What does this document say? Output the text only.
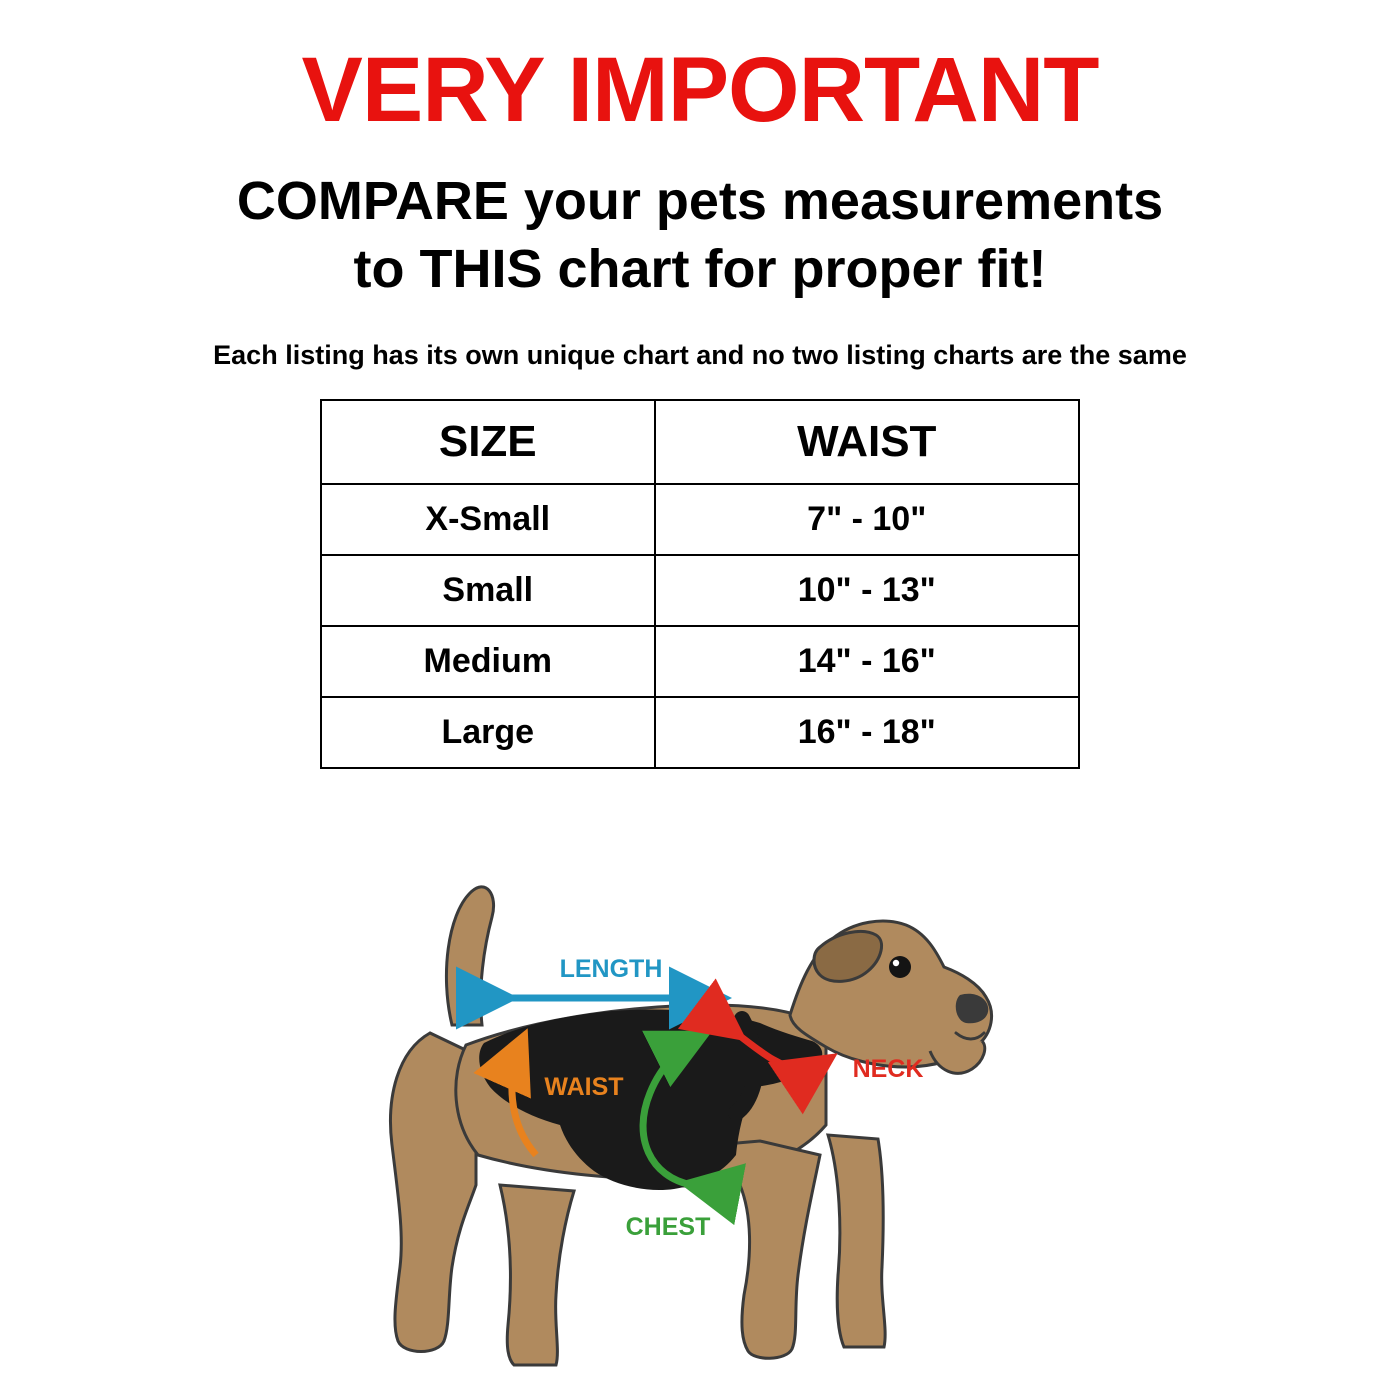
VERY IMPORTANT
COMPARE your pets measurements
to THIS chart for proper fit!

Each listing has its own unique chart and no two listing charts are the same

SIZE	WAIST
X-Small	7" - 10"
Small	10" - 13"
Medium	14" - 16"
Large	16" - 18"
LENGTH
WAIST
CHEST
NECK
